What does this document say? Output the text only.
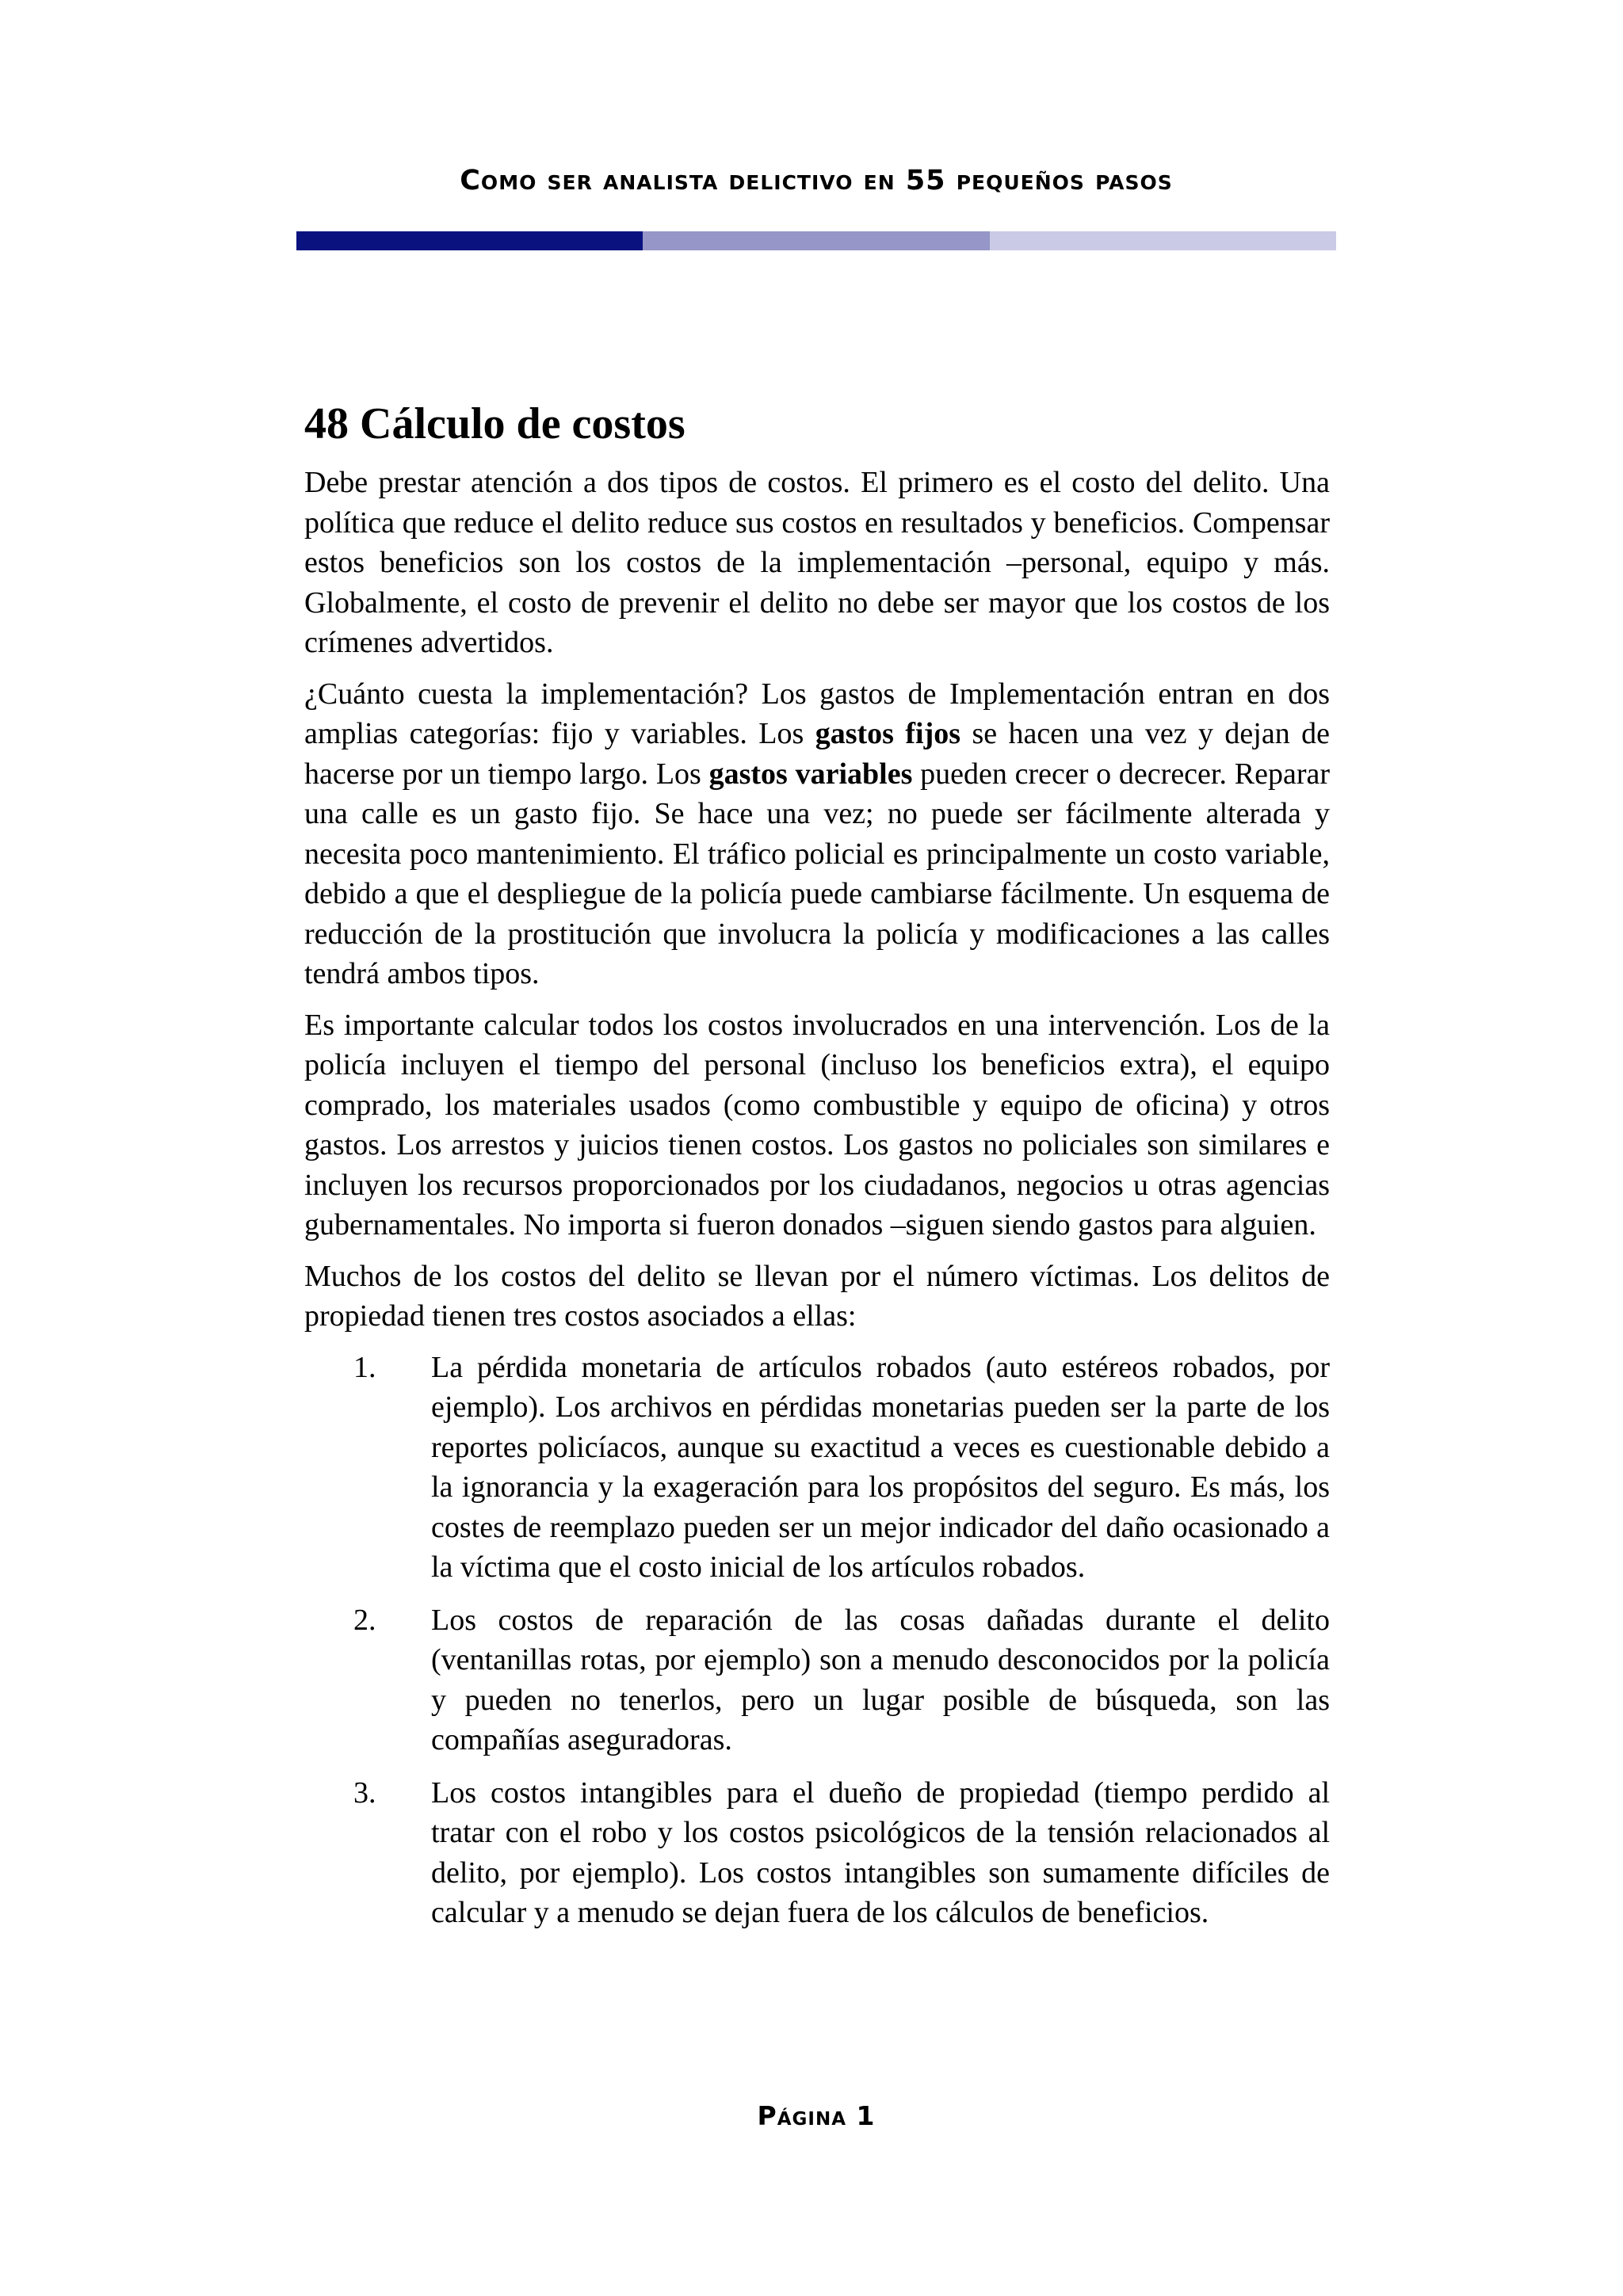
Como ser analista delictivo en 55 pequeños pasos
48 Cálculo de costos

Debe prestar atención a dos tipos de costos. El primero es el costo del delito. Una política que reduce el delito reduce sus costos en resultados y beneficios. Compensar estos beneficios son los costos de la implementación –personal, equipo y más. Globalmente, el costo de prevenir el delito no debe ser mayor que los costos de los crímenes advertidos.

¿Cuánto cuesta la implementación? Los gastos de Implementación entran en dos amplias categorías: fijo y variables. Los gastos fijos se hacen una vez y dejan de hacerse por un tiempo largo. Los gastos variables pueden crecer o decrecer. Reparar una calle es un gasto fijo. Se hace una vez; no puede ser fácilmente alterada y necesita poco mantenimiento. El tráfico policial es principalmente un costo variable, debido a que el despliegue de la policía puede cambiarse fácilmente. Un esquema de reducción de la prostitución que involucra la policía y modificaciones a las calles tendrá ambos tipos.

Es importante calcular todos los costos involucrados en una intervención. Los de la policía incluyen el tiempo del personal (incluso los beneficios extra), el equipo comprado, los materiales usados (como combustible y equipo de oficina) y otros gastos. Los arrestos y juicios tienen costos. Los gastos no policiales son similares e incluyen los recursos proporcionados por los ciudadanos, negocios u otras agencias gubernamentales. No importa si fueron donados –siguen siendo gastos para alguien.

Muchos de los costos del delito se llevan por el número víctimas. Los delitos de propiedad tienen tres costos asociados a ellas:

1. La pérdida monetaria de artículos robados (auto estéreos robados, por ejemplo). Los archivos en pérdidas monetarias pueden ser la parte de los reportes policíacos, aunque su exactitud a veces es cuestionable debido a la ignorancia y la exageración para los propósitos del seguro. Es más, los costes de reemplazo pueden ser un mejor indicador del daño ocasionado a la víctima que el costo inicial de los artículos robados.
2. Los costos de reparación de las cosas dañadas durante el delito (ventanillas rotas, por ejemplo) son a menudo desconocidos por la policía y pueden no tenerlos, pero un lugar posible de búsqueda, son las compañías aseguradoras.
3. Los costos intangibles para el dueño de propiedad (tiempo perdido al tratar con el robo y los costos psicológicos de la tensión relacionados al delito, por ejemplo). Los costos intangibles son sumamente difíciles de calcular y a menudo se dejan fuera de los cálculos de beneficios.
Página 1
